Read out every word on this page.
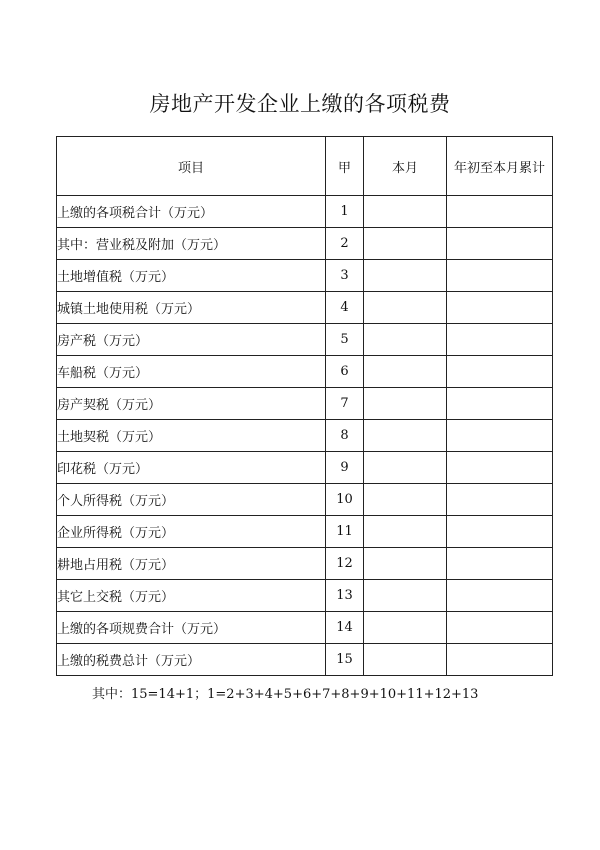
房地产开发企业上缴的各项税费
项目	甲	本月	年初至本月累计
上缴的各项税合计（万元）	1		
其中：营业税及附加（万元）	2		
土地增值税（万元）	3		
城镇土地使用税（万元）	4		
房产税（万元）	5		
车船税（万元）	6		
房产契税（万元）	7		
土地契税（万元）	8		
印花税（万元）	9		
个人所得税（万元）	10		
企业所得税（万元）	11		
耕地占用税（万元）	12		
其它上交税（万元）	13		
上缴的各项规费合计（万元）	14		
上缴的税费总计（万元）	15		
其中：15=14+1；1=2+3+4+5+6+7+8+9+10+11+12+13
